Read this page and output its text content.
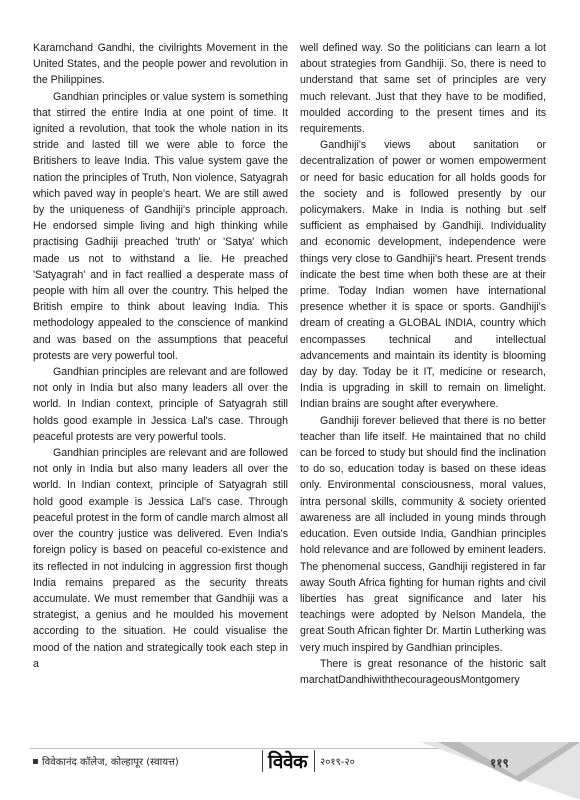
Karamchand Gandhi, the civilrights Movement in the United States, and the people power and revolution in the Philippines.

Gandhian principles or value system is something that stirred the entire India at one point of time. It ignited a revolution, that took the whole nation in its stride and lasted till we were able to force the Britishers to leave India. This value system gave the nation the principles of Truth, Non violence, Satyagrah which paved way in people's heart. We are still awed by the uniqueness of Gandhiji's principle approach. He endorsed simple living and high thinking while practising Gadhiji preached 'truth' or 'Satya' which made us not to withstand a lie. He preached 'Satyagrah' and in fact reallied a desperate mass of people with him all over the country. This helped the British empire to think about leaving India. This methodology appealed to the conscience of mankind and was based on the assumptions that peaceful protests are very powerful tool.

Gandhian principles are relevant and are followed not only in India but also many leaders all over the world. In Indian context, principle of Satyagrah still holds good example in Jessica Lal's case. Through peaceful protests are very powerful tools.

Gandhian principles are relevant and are followed not only in India but also many leaders all over the world. In Indian context, principle of Satyagrah still hold good example is Jessica Lal's case. Through peaceful protest in the form of candle march almost all over the country justice was delivered. Even India's foreign policy is based on peaceful co-existence and its reflected in not indulcing in aggression first though India remains prepared as the security threats accumulate. We must remember that Gandhiji was a strategist, a genius and he moulded his movement according to the situation. He could visualise the mood of the nation and strategically took each step in a

well defined way. So the politicians can learn a lot about strategies from Gandhiji. So, there is need to understand that same set of principles are very much relevant. Just that they have to be modified, moulded according to the present times and its requirements.

Gandhiji's views about sanitation or decentralization of power or women empowerment or need for basic education for all holds goods for the society and is followed presently by our policymakers. Make in India is nothing but self sufficient as emphaised by Gandhiji. Individuality and economic development, independence were things very close to Gandhiji's heart. Present trends indicate the best time when both these are at their prime. Today Indian women have international presence whether it is space or sports. Gandhiji's dream of creating a GLOBAL INDIA, country which encompasses technical and intellectual advancements and maintain its identity is blooming day by day. Today be it IT, medicine or research, India is upgrading in skill to remain on limelight. Indian brains are sought after everywhere.

Gandhiji forever believed that there is no better teacher than life itself. He maintained that no child can be forced to study but should find the inclination to do so, education today is based on these ideas only. Environmental consciousness, moral values, intra personal skills, community & society oriented awareness are all included in young minds through education. Even outside India, Gandhian principles hold relevance and are followed by eminent leaders. The phenomenal success, Gandhiji registered in far away South Africa fighting for human rights and civil liberties has great significance and later his teachings were adopted by Nelson Mandela, the great South African fighter Dr. Martin Lutherking was very much inspired by Gandhian principles.

There is great resonance of the historic salt marchatDandhiwiththecourageousMontgomery

विवेकानंद कॉलेज, कोल्हापूर (स्वायत्त)	विवेक २०१९-२०	११९
